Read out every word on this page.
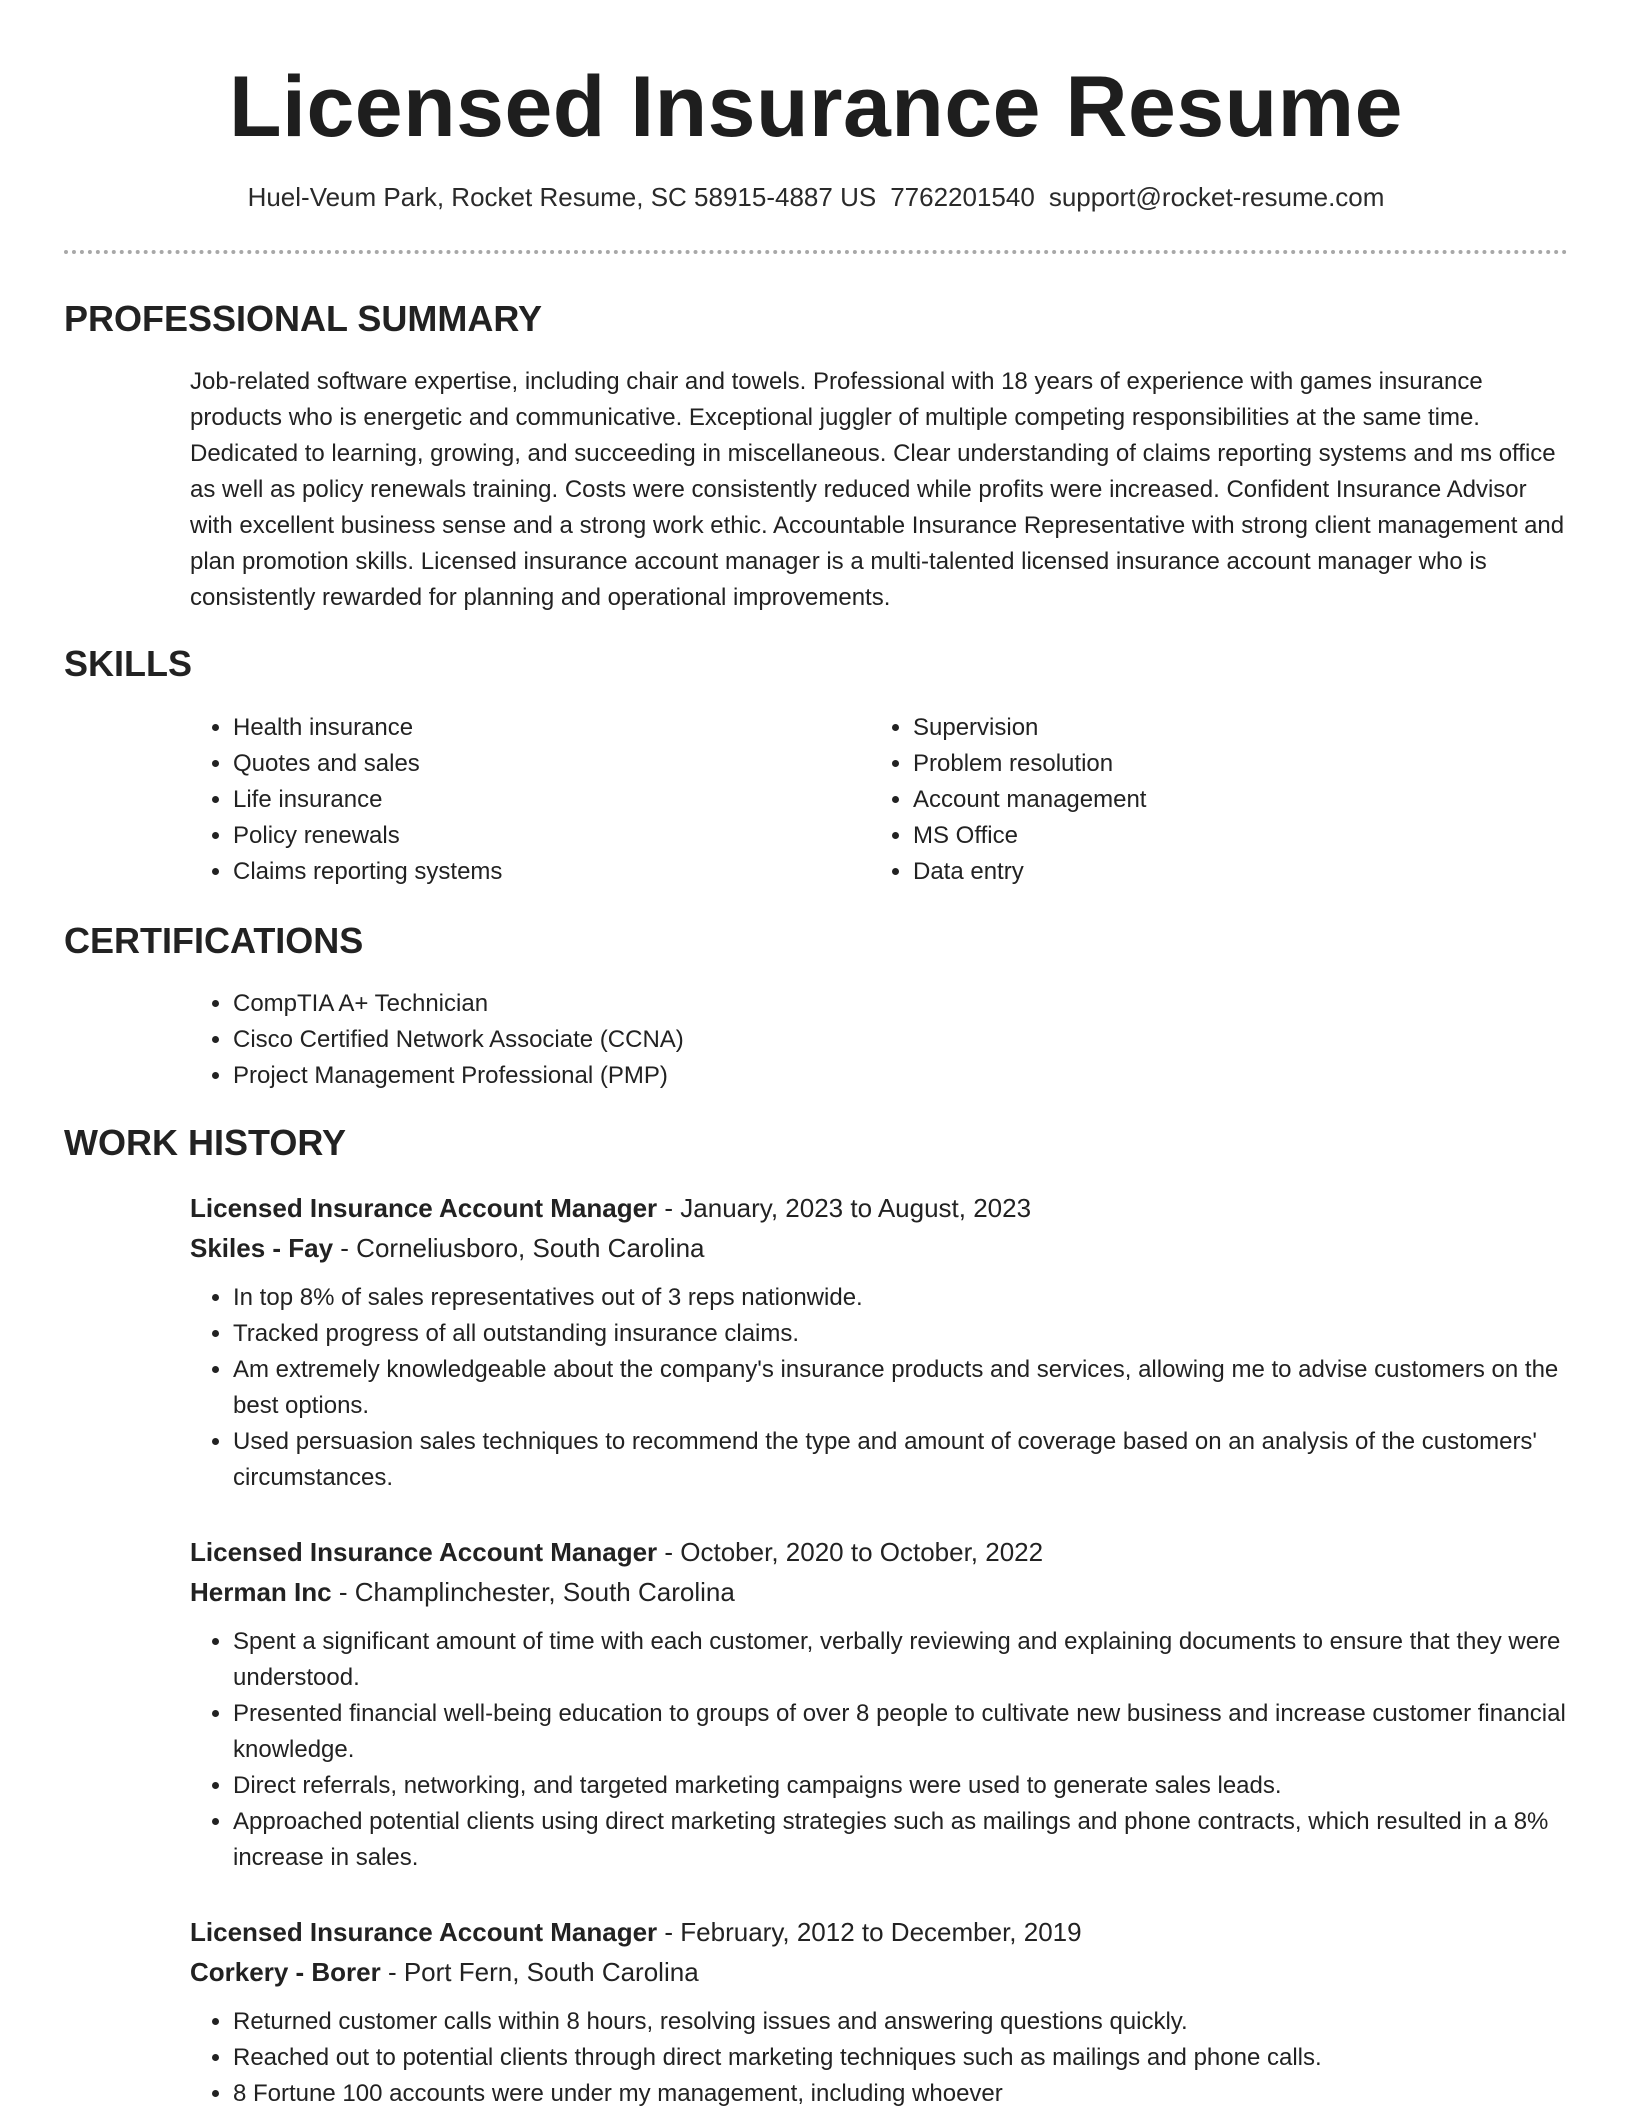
Licensed Insurance Resume
Huel-Veum Park, Rocket Resume, SC 58915-4887 US 7762201540 support@rocket-resume.com
PROFESSIONAL SUMMARY

Job-related software expertise, including chair and towels. Professional with 18 years of experience with games insurance products who is energetic and communicative. Exceptional juggler of multiple competing responsibilities at the same time. Dedicated to learning, growing, and succeeding in miscellaneous. Clear understanding of claims reporting systems and ms office as well as policy renewals training. Costs were consistently reduced while profits were increased. Confident Insurance Advisor with excellent business sense and a strong work ethic. Accountable Insurance Representative with strong client management and plan promotion skills. Licensed insurance account manager is a multi-talented licensed insurance account manager who is consistently rewarded for planning and operational improvements.

SKILLS
• Health insurance
• Quotes and sales
• Life insurance
• Policy renewals
• Claims reporting systems
• Supervision
• Problem resolution
• Account management
• MS Office
• Data entry
CERTIFICATIONS
• CompTIA A+ Technician
• Cisco Certified Network Associate (CCNA)
• Project Management Professional (PMP)
WORK HISTORY
Licensed Insurance Account Manager - January, 2023 to August, 2023
Skiles - Fay - Corneliusboro, South Carolina
• In top 8% of sales representatives out of 3 reps nationwide.
• Tracked progress of all outstanding insurance claims.
• Am extremely knowledgeable about the company's insurance products and services, allowing me to advise customers on the best options.
• Used persuasion sales techniques to recommend the type and amount of coverage based on an analysis of the customers' circumstances.
Licensed Insurance Account Manager - October, 2020 to October, 2022
Herman Inc - Champlinchester, South Carolina
• Spent a significant amount of time with each customer, verbally reviewing and explaining documents to ensure that they were understood.
• Presented financial well-being education to groups of over 8 people to cultivate new business and increase customer financial knowledge.
• Direct referrals, networking, and targeted marketing campaigns were used to generate sales leads.
• Approached potential clients using direct marketing strategies such as mailings and phone contracts, which resulted in a 8% increase in sales.
Licensed Insurance Account Manager - February, 2012 to December, 2019
Corkery - Borer - Port Fern, South Carolina
• Returned customer calls within 8 hours, resolving issues and answering questions quickly.
• Reached out to potential clients through direct marketing techniques such as mailings and phone calls.
• 8 Fortune 100 accounts were under my management, including whoever
